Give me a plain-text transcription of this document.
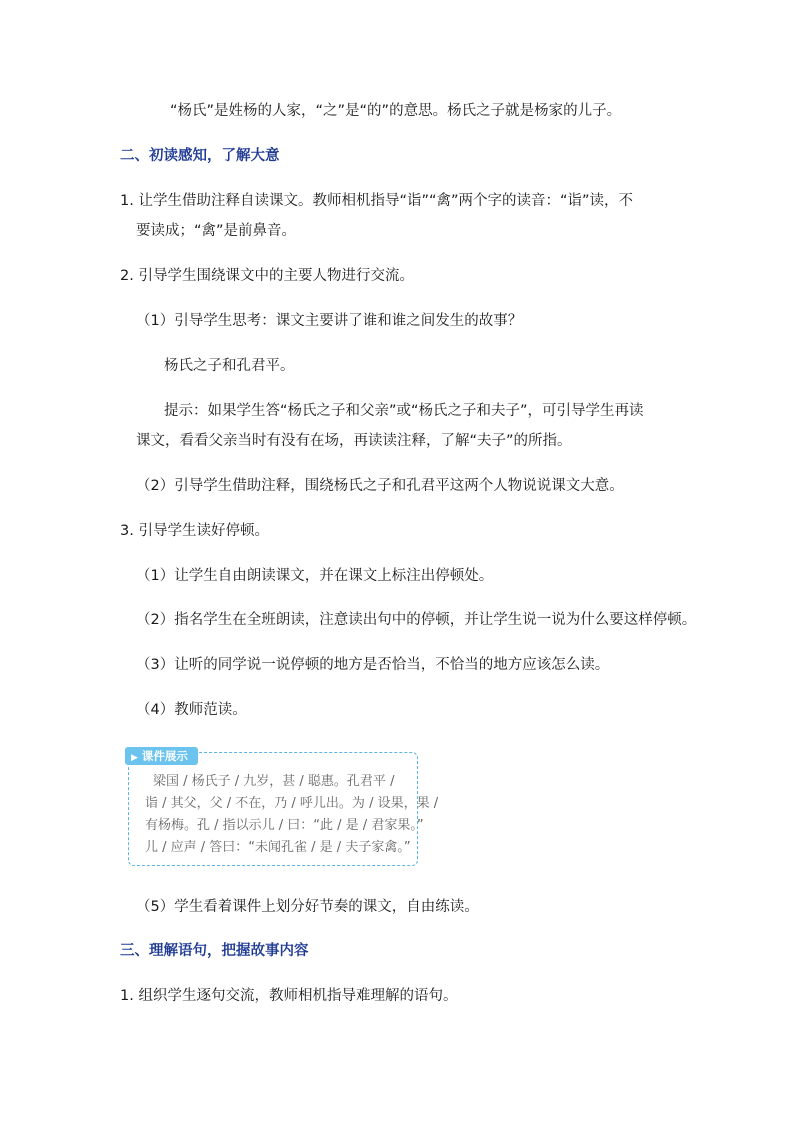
“杨氏”是姓杨的人家，“之”是“的”的意思。杨氏之子就是杨家的儿子。
二、初读感知，了解大意
1. 让学生借助注释自读课文。教师相机指导“诣”“禽”两个字的读音：“诣”读，不
要读成；“禽”是前鼻音。
2. 引导学生围绕课文中的主要人物进行交流。
（1）引导学生思考：课文主要讲了谁和谁之间发生的故事？
杨氏之子和孔君平。
提示：如果学生答“杨氏之子和父亲”或“杨氏之子和夫子”，可引导学生再读
课文，看看父亲当时有没有在场，再读读注释，了解“夫子”的所指。
（2）引导学生借助注释，围绕杨氏之子和孔君平这两个人物说说课文大意。
3. 引导学生读好停顿。
（1）让学生自由朗读课文，并在课文上标注出停顿处。
（2）指名学生在全班朗读，注意读出句中的停顿，并让学生说一说为什么要这样停顿。
（3）让听的同学说一说停顿的地方是否恰当，不恰当的地方应该怎么读。
（4）教师范读。
▶ 课件展示
梁国 / 杨氏子 / 九岁，甚 / 聪惠。孔君平 /
诣 / 其父，父 / 不在，乃 / 呼儿出。为 / 设果，果 /
有杨梅。孔 / 指以示儿 / 曰：“此 / 是 / 君家果。”
儿 / 应声 / 答曰：“未闻孔雀 / 是 / 夫子家禽。”
（5）学生看着课件上划分好节奏的课文，自由练读。
三、理解语句，把握故事内容
1. 组织学生逐句交流，教师相机指导难理解的语句。
